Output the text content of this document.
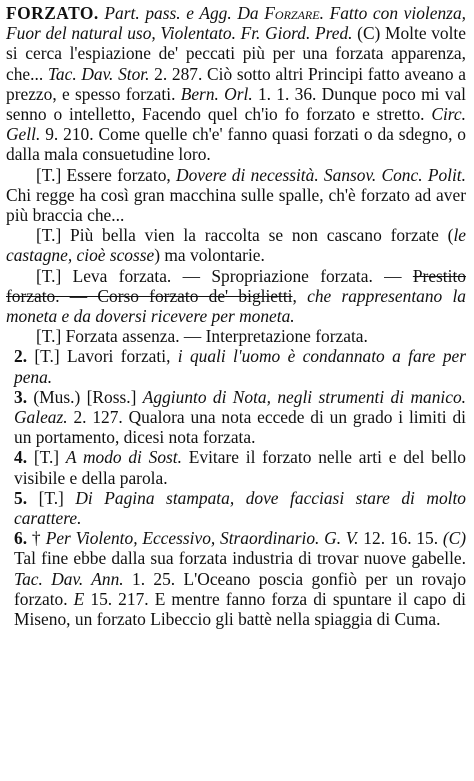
FORZATO. Part. pass. e Agg. Da Forzare. Fatto con violenza, Fuor del natural uso, Violentato. Fr. Giord. Pred. (C) Molte volte si cerca l'espiazione de' peccati più per una forzata apparenza, che... Tac. Dav. Stor. 2. 287. Ciò sotto altri Principi fatto aveano a prezzo, e spesso forzati. Bern. Orl. 1. 1. 36. Dunque poco mi val senno o intelletto, Facendo quel ch'io fo forzato e stretto. Circ. Gell. 9. 210. Come quelle ch'e' fanno quasi forzati o da sdegno, o dalla mala consuetudine loro.

[T.] Essere forzato, Dovere di necessità. Sansov. Conc. Polit. Chi regge ha così gran macchina sulle spalle, ch'è forzato ad aver più braccia che...

[T.] Più bella vien la raccolta se non cascano forzate (le castagne, cioè scosse) ma volontarie.

[T.] Leva forzata. — Spropriazione forzata. — Prestito forzato. — Corso forzato de' biglietti, che rappresentano la moneta e da doversi ricevere per moneta.

[T.] Forzata assenza. — Interpretazione forzata.

2. [T.] Lavori forzati, i quali l'uomo è condannato a fare per pena.

3. (Mus.) [Ross.] Aggiunto di Nota, negli strumenti di manico. Galeaz. 2. 127. Qualora una nota eccede di un grado i limiti di un portamento, dicesi nota forzata.

4. [T.] A modo di Sost. Evitare il forzato nelle arti e del bello visibile e della parola.

5. [T.] Di Pagina stampata, dove facciasi stare di molto carattere.

6. † Per Violento, Eccessivo, Straordinario. G. V. 12. 16. 15. (C) Tal fine ebbe dalla sua forzata industria di trovar nuove gabelle. Tac. Dav. Ann. 1. 25. L'Oceano poscia gonfiò per un rovajo forzato. E 15. 217. E mentre fanno forza di spuntare il capo di Miseno, un forzato Libeccio gli battè nella spiaggia di Cuma.
